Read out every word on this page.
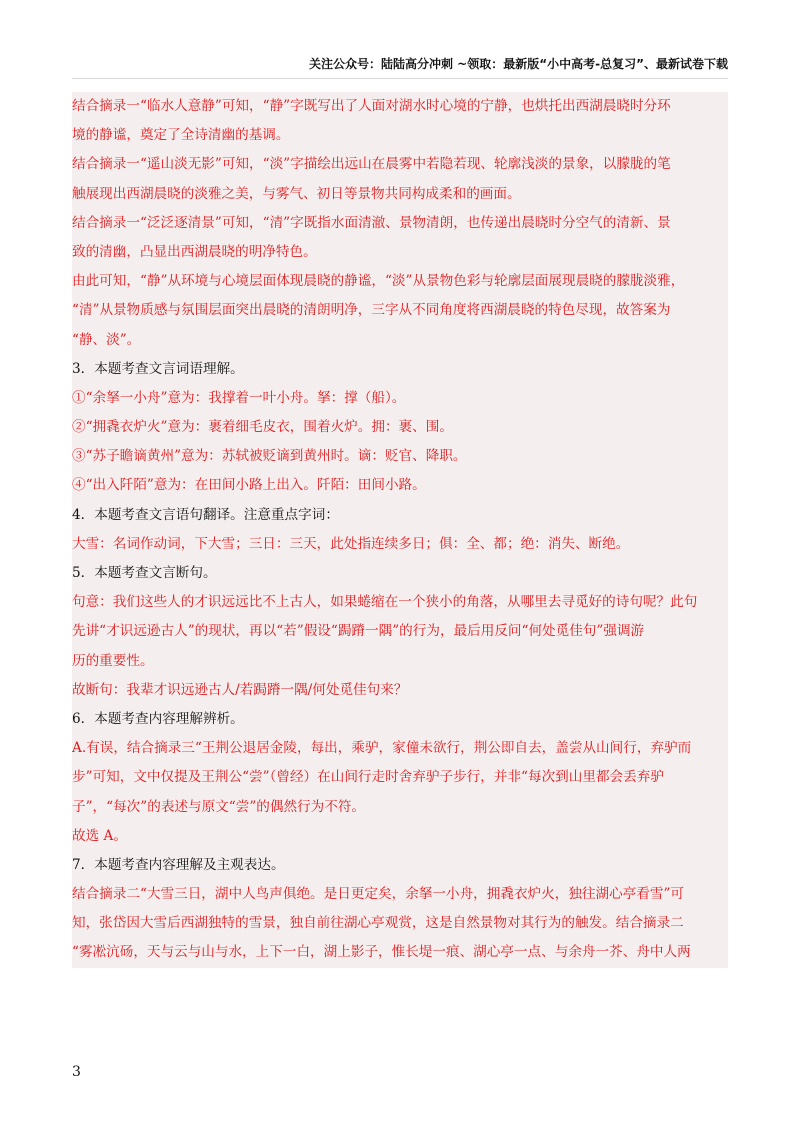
关注公众号：陆陆高分冲刺 ~领取：最新版“小中高考-总复习”、最新试卷下载
结合摘录一“临水人意静”可知，“静”字既写出了人面对湖水时心境的宁静，也烘托出西湖晨晓时分环
境的静谧，奠定了全诗清幽的基调。
结合摘录一“遥山淡无影”可知，“淡”字描绘出远山在晨雾中若隐若现、轮廓浅淡的景象，以朦胧的笔
触展现出西湖晨晓的淡雅之美，与雾气、初日等景物共同构成柔和的画面。
结合摘录一“泛泛逐清景”可知，“清”字既指水面清澈、景物清朗，也传递出晨晓时分空气的清新、景
致的清幽，凸显出西湖晨晓的明净特色。
由此可知，“静”从环境与心境层面体现晨晓的静谧，“淡”从景物色彩与轮廓层面展现晨晓的朦胧淡雅，
“清”从景物质感与氛围层面突出晨晓的清朗明净，三字从不同角度将西湖晨晓的特色尽现，故答案为
“静、淡”。
3．本题考查文言词语理解。
①“余拏一小舟”意为：我撑着一叶小舟。拏：撑（船）。
②“拥毳衣炉火”意为：裹着细毛皮衣，围着火炉。拥：裹、围。
③“苏子瞻谪黄州”意为：苏轼被贬谪到黄州时。谪：贬官、降职。
④“出入阡陌”意为：在田间小路上出入。阡陌：田间小路。
4．本题考查文言语句翻译。注意重点字词：
大雪：名词作动词，下大雪；三日：三天，此处指连续多日；俱：全、都；绝：消失、断绝。
5．本题考查文言断句。
句意：我们这些人的才识远远比不上古人，如果蜷缩在一个狭小的角落，从哪里去寻觅好的诗句呢？此句
先讲“才识远逊古人”的现状，再以“若”假设“跼蹐一隅”的行为，最后用反问“何处觅佳句”强调游
历的重要性。
故断句：我辈才识远逊古人/若跼蹐一隅/何处觅佳句来？
6．本题考查内容理解辨析。
A.有误，结合摘录三“王荆公退居金陵，每出，乘驴，家僮未欲行，荆公即自去，盖尝从山间行，弃驴而
步”可知，文中仅提及王荆公“尝”（曾经）在山间行走时舍弃驴子步行，并非“每次到山里都会丢弃驴
子”，“每次”的表述与原文“尝”的偶然行为不符。
故选 A。
7．本题考查内容理解及主观表达。
结合摘录二“大雪三日，湖中人鸟声俱绝。是日更定矣，余拏一小舟，拥毳衣炉火，独往湖心亭看雪”可
知，张岱因大雪后西湖独特的雪景，独自前往湖心亭观赏，这是自然景物对其行为的触发。结合摘录二
“雾凇沆砀，天与云与山与水，上下一白，湖上影子，惟长堤一痕、湖心亭一点、与余舟一芥、舟中人两
3
